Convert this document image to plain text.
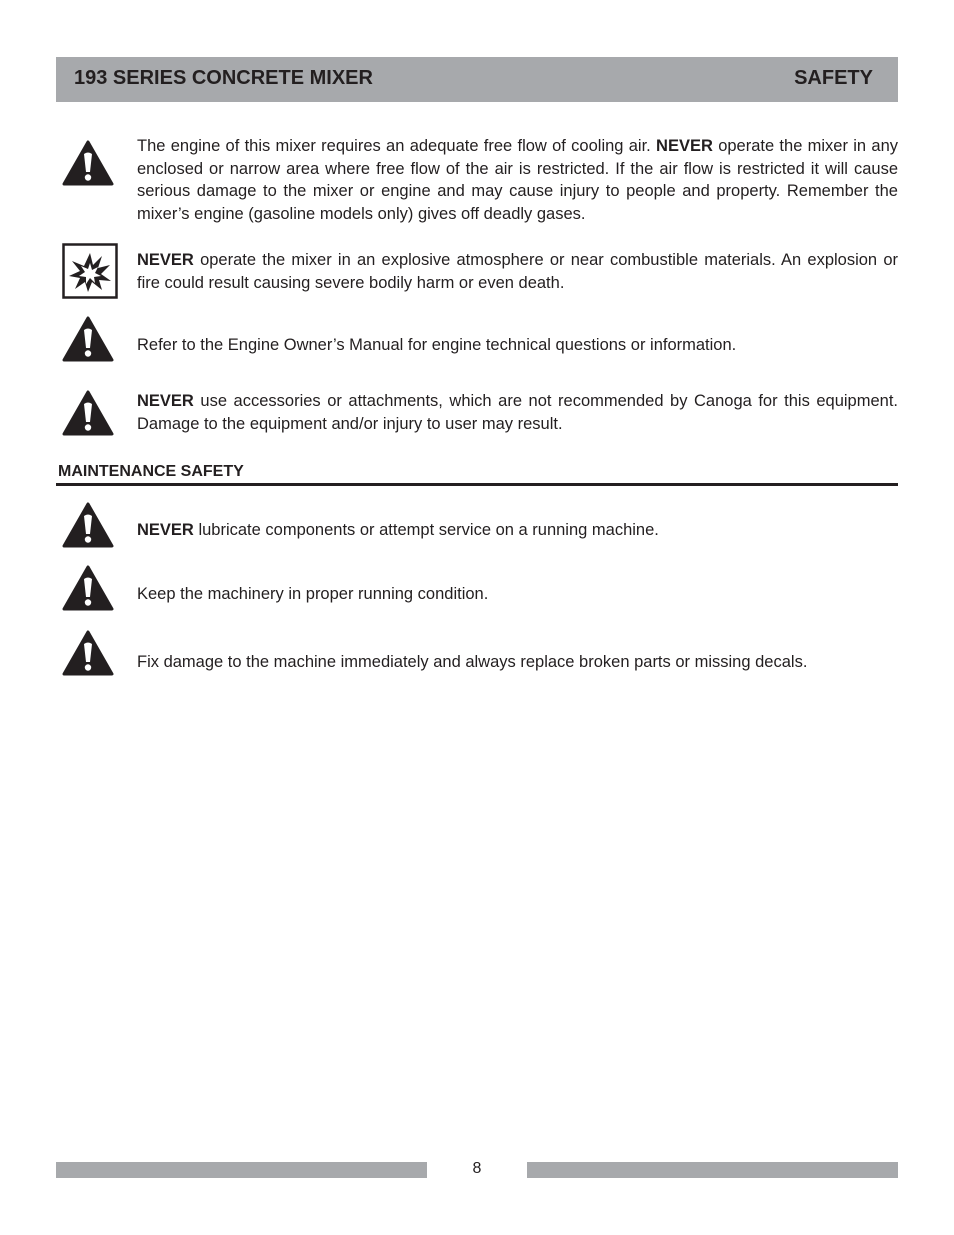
193 SERIES CONCRETE MIXER	SAFETY
The engine of this mixer requires an adequate free flow of cooling air. NEVER operate the mixer in any enclosed or narrow area where free flow of the air is restricted. If the air flow is restricted it will cause serious damage to the mixer or engine and may cause injury to people and property. Remember the mixer’s engine (gasoline models only) gives off deadly gases.
NEVER operate the mixer in an explosive atmosphere or near combustible materials. An explosion or fire could result causing severe bodily harm or even death.
Refer to the Engine Owner’s Manual for engine technical questions or information.
NEVER use accessories or attachments, which are not recommended by Canoga for this equipment. Damage to the equipment and/or injury to user may result.
MAINTENANCE SAFETY
NEVER lubricate components or attempt service on a running machine.
Keep the machinery in proper running condition.
Fix damage to the machine immediately and always replace broken parts or missing decals.
8
